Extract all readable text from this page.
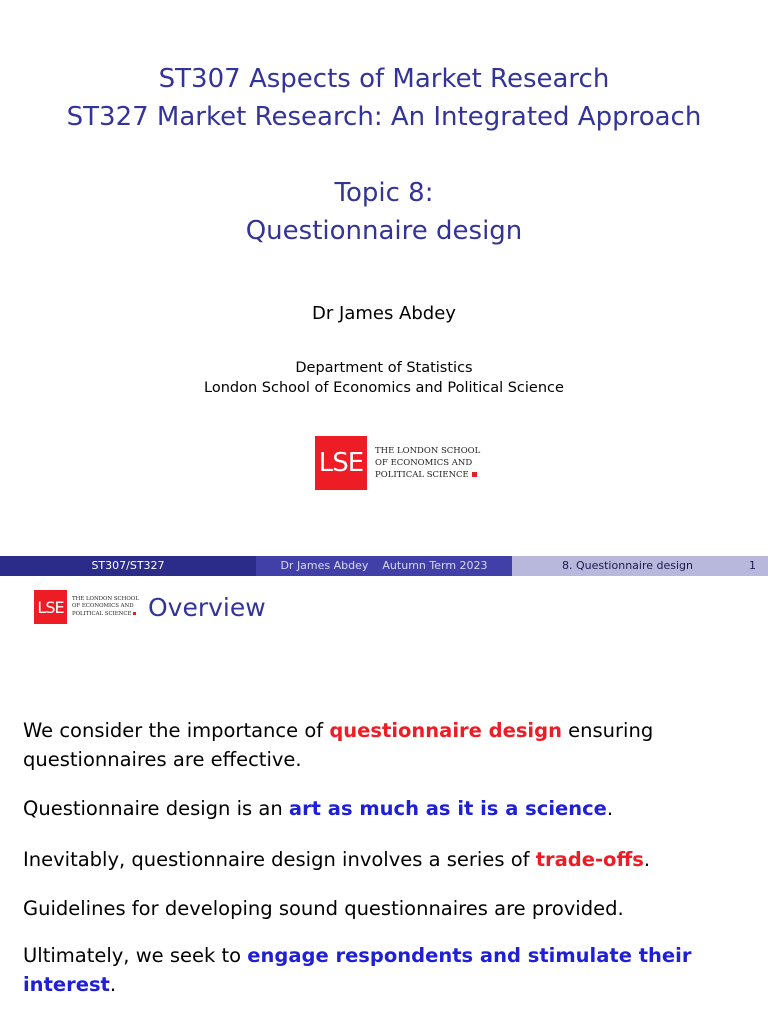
ST307 Aspects of Market Research
ST327 Market Research: An Integrated Approach
Topic 8:
Questionnaire design
Dr James Abdey
Department of Statistics
London School of Economics and Political Science
LSE	THE LONDON SCHOOL
OF ECONOMICS AND
POLITICAL SCIENCE
ST307/ST327	Dr James Abdey Autumn Term 2023	8. Questionnaire design	1
LSE	THE LONDON SCHOOL
OF ECONOMICS AND
POLITICAL SCIENCE Overview
We consider the importance of questionnaire design ensuring questionnaires are effective.
Questionnaire design is an art as much as it is a science.
Inevitably, questionnaire design involves a series of trade-offs.
Guidelines for developing sound questionnaires are provided.
Ultimately, we seek to engage respondents and stimulate their interest.
